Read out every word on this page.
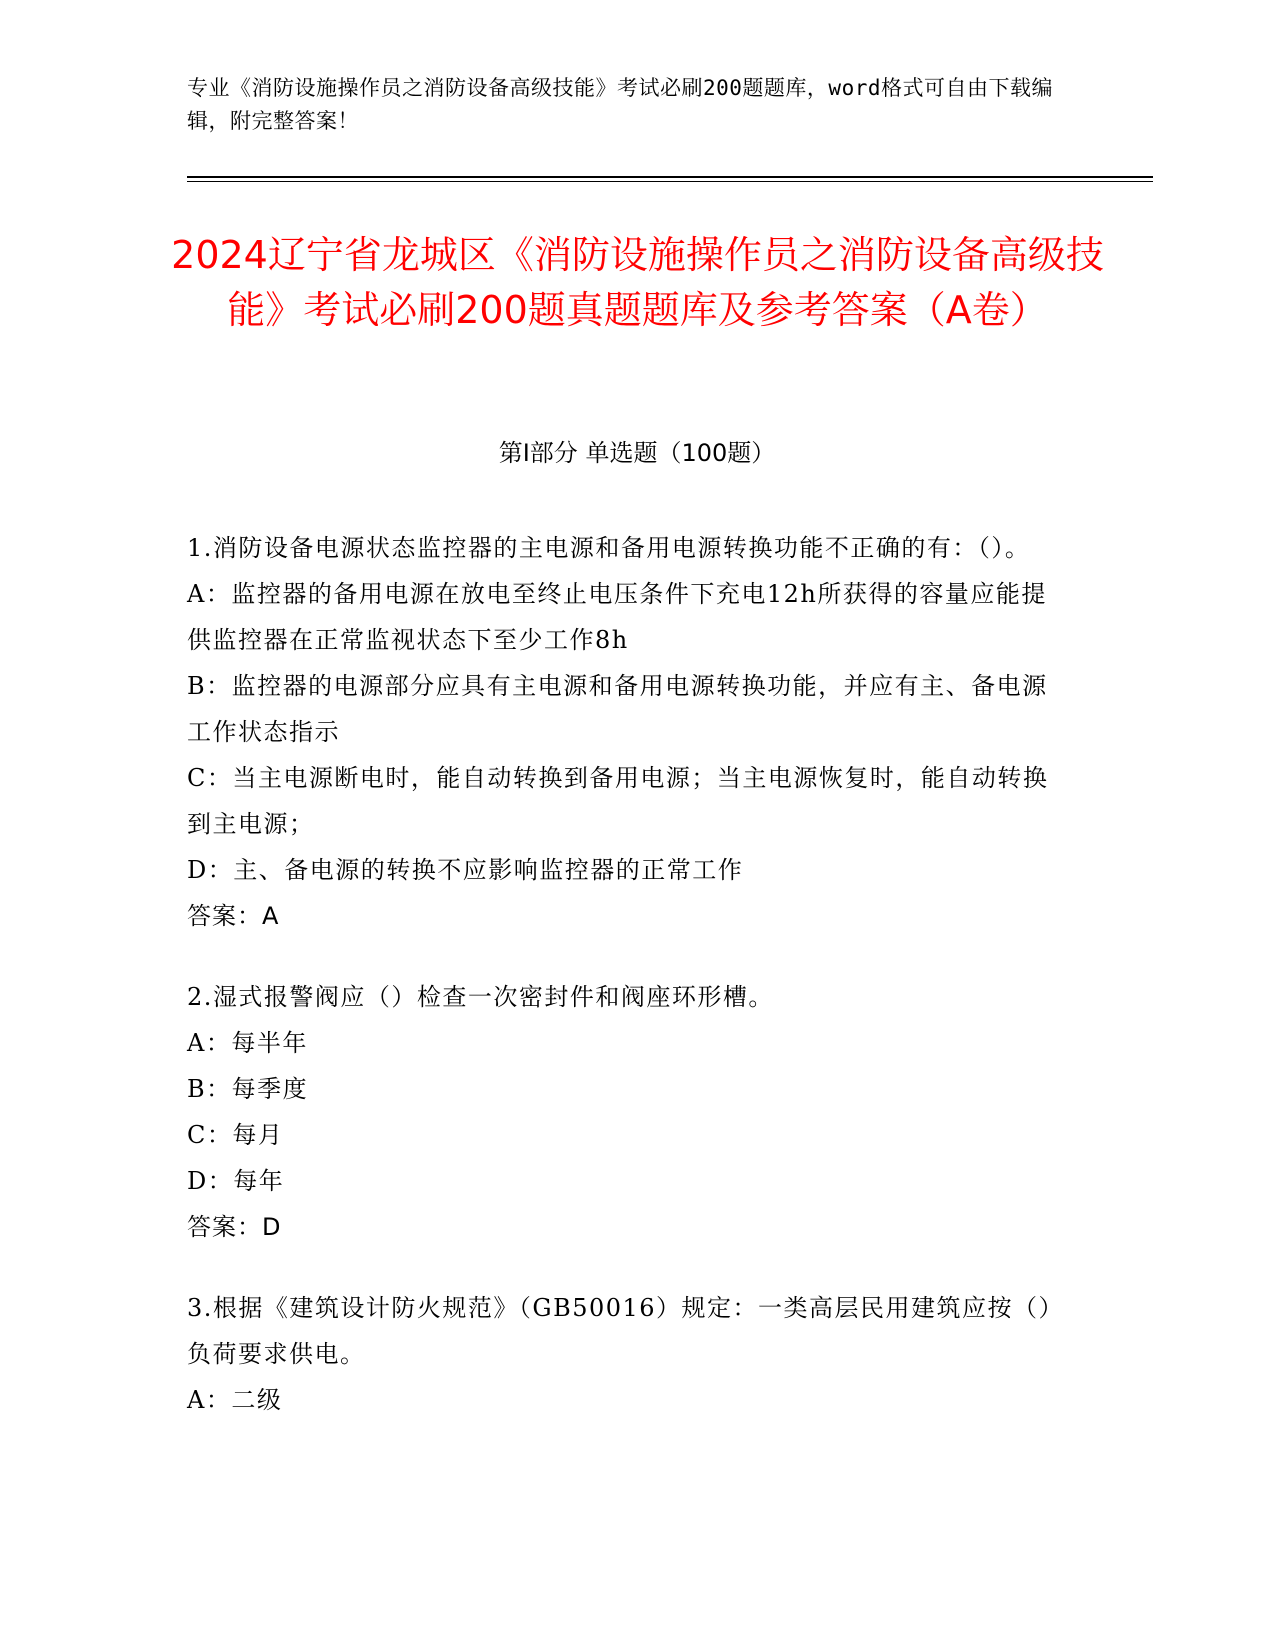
专业《消防设施操作员之消防设备高级技能》考试必刷200题题库，word格式可自由下载编辑，附完整答案！
2024辽宁省龙城区《消防设施操作员之消防设备高级技能》考试必刷200题真题题库及参考答案（A卷）
第Ⅰ部分 单选题（100题）
1.消防设备电源状态监控器的主电源和备用电源转换功能不正确的有：（）。
A：监控器的备用电源在放电至终止电压条件下充电12h所获得的容量应能提供监控器在正常监视状态下至少工作8h
B：监控器的电源部分应具有主电源和备用电源转换功能，并应有主、备电源工作状态指示
C：当主电源断电时，能自动转换到备用电源；当主电源恢复时，能自动转换到主电源；
D：主、备电源的转换不应影响监控器的正常工作
答案：A
2.湿式报警阀应（）检查一次密封件和阀座环形槽。
A：每半年
B：每季度
C：每月
D：每年
答案：D
3.根据《建筑设计防火规范》（GB50016）规定：一类高层民用建筑应按（）负荷要求供电。
A：二级
